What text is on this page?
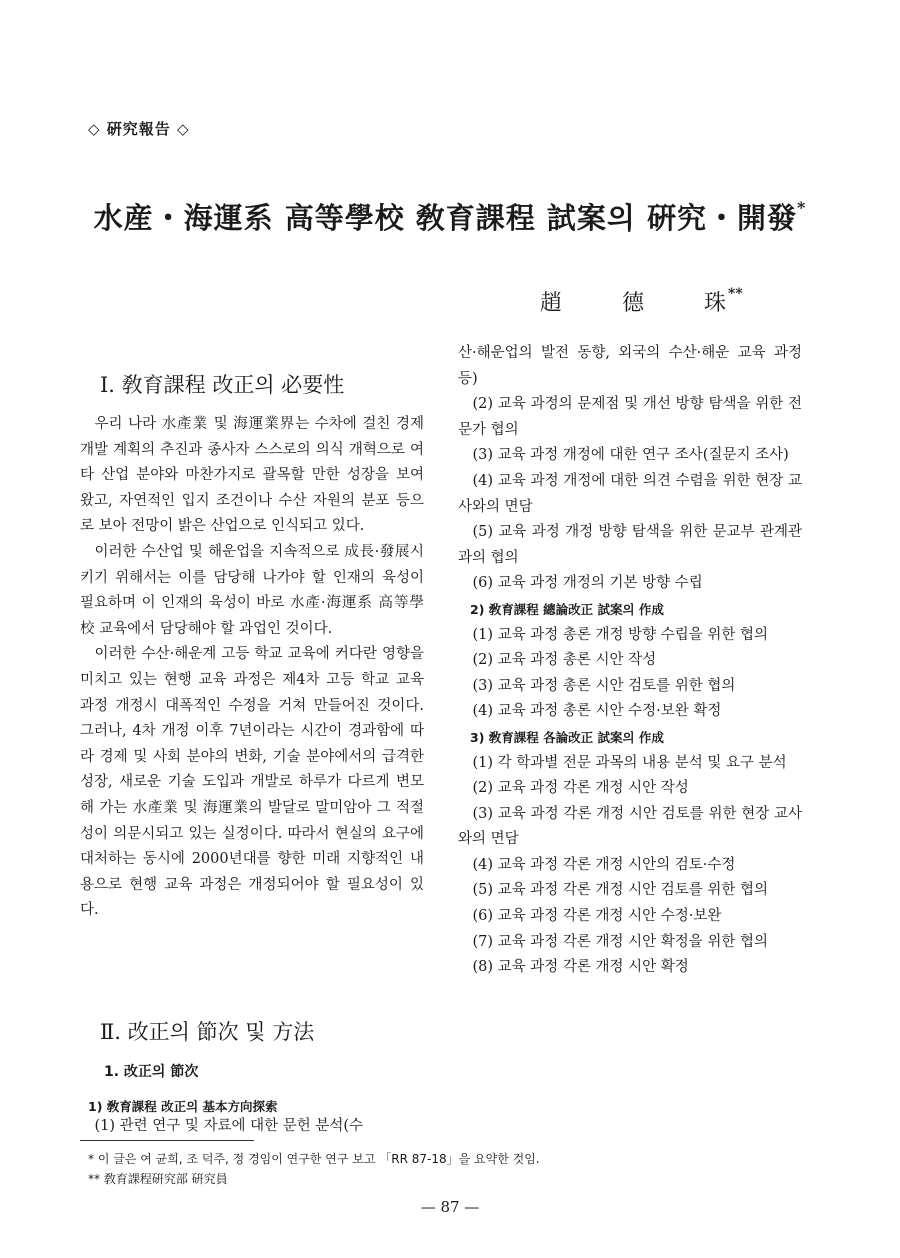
◇ 硏究報告 ◇
水産・海運系 高等學校 敎育課程 試案의 硏究・開發*
趙	德	珠 **
Ⅰ. 敎育課程 改正의 必要性

우리 나라 水產業 및 海運業界는 수차에 걸친 경제 개발 계획의 추진과 종사자 스스로의 의식 개혁으로 여타 산업 분야와 마찬가지로 괄목할 만한 성장을 보여 왔고, 자연적인 입지 조건이나 수산 자원의 분포 등으로 보아 전망이 밝은 산업으로 인식되고 있다.

이러한 수산업 및 해운업을 지속적으로 成長·發展시키기 위해서는 이를 담당해 나가야 할 인재의 육성이 필요하며 이 인재의 육성이 바로 水產·海運系 高等學校 교육에서 담당해야 할 과업인 것이다.

이러한 수산·해운계 고등 학교 교육에 커다란 영향을 미치고 있는 현행 교육 과정은 제4차 고등 학교 교육 과정 개정시 대폭적인 수정을 거쳐 만들어진 것이다. 그러나, 4차 개정 이후 7년이라는 시간이 경과함에 따라 경제 및 사회 분야의 변화, 기술 분야에서의 급격한 성장, 새로운 기술 도입과 개발로 하루가 다르게 변모해 가는 水產業 및 海運業의 발달로 말미암아 그 적절성이 의문시되고 있는 실정이다. 따라서 현실의 요구에 대처하는 동시에 2000년대를 향한 미래 지향적인 내용으로 현행 교육 과정은 개정되어야 할 필요성이 있다.

Ⅱ. 改正의 節次 및 方法
1. 改正의 節次
1) 敎育課程 改正의 基本方向探索

(1) 관련 연구 및 자료에 대한 문헌 분석(수

산·해운업의 발전 동향, 외국의 수산·해운 교육 과정 등)

(2) 교육 과정의 문제점 및 개선 방향 탐색을 위한 전문가 협의

(3) 교육 과정 개정에 대한 연구 조사(질문지 조사)

(4) 교육 과정 개정에 대한 의견 수렴을 위한 현장 교사와의 면담

(5) 교육 과정 개정 방향 탐색을 위한 문교부 관계관과의 협의

(6) 교육 과정 개정의 기본 방향 수립

2) 敎育課程 總論改正 試案의 作成

(1) 교육 과정 총론 개정 방향 수립을 위한 협의

(2) 교육 과정 총론 시안 작성

(3) 교육 과정 총론 시안 검토를 위한 협의

(4) 교육 과정 총론 시안 수정·보완 확정

3) 敎育課程 各論改正 試案의 作成

(1) 각 학과별 전문 과목의 내용 분석 및 요구 분석

(2) 교육 과정 각론 개정 시안 작성

(3) 교육 과정 각론 개정 시안 검토를 위한 현장 교사와의 면담

(4) 교육 과정 각론 개정 시안의 검토·수정

(5) 교육 과정 각론 개정 시안 검토를 위한 협의

(6) 교육 과정 각론 개정 시안 수정·보완

(7) 교육 과정 각론 개정 시안 확정을 위한 협의

(8) 교육 과정 각론 개정 시안 확정

* 이 글은 여 균희, 조 덕주, 정 경임이 연구한 연구 보고 「RR 87-18」을 요약한 것임.
** 敎育課程硏究部 硏究員
— 87 —
